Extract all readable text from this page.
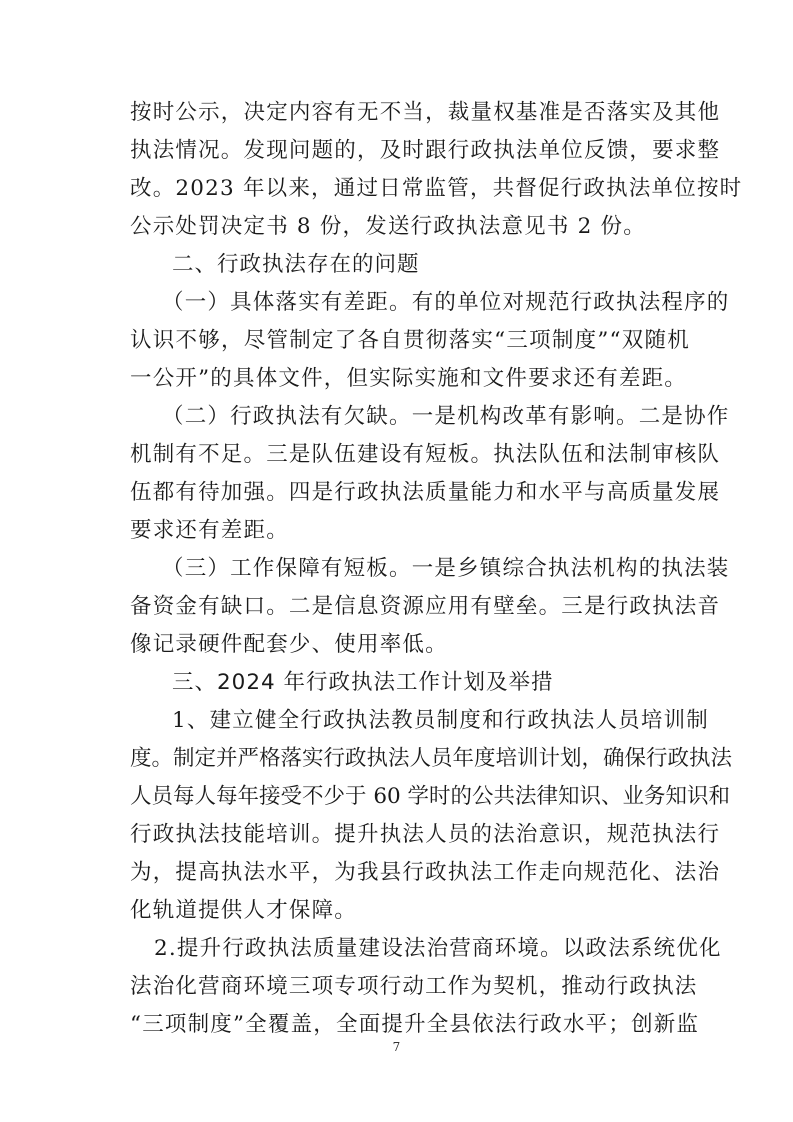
按时公示，决定内容有无不当，裁量权基准是否落实及其他
执法情况。发现问题的，及时跟行政执法单位反馈，要求整
改。2023 年以来，通过日常监管，共督促行政执法单位按时
公示处罚决定书 8 份，发送行政执法意见书 2 份。
二、行政执法存在的问题
（一）具体落实有差距。有的单位对规范行政执法程序的
认识不够，尽管制定了各自贯彻落实“三项制度”“双随机
一公开”的具体文件，但实际实施和文件要求还有差距。
（二）行政执法有欠缺。一是机构改革有影响。二是协作
机制有不足。三是队伍建设有短板。执法队伍和法制审核队
伍都有待加强。四是行政执法质量能力和水平与高质量发展
要求还有差距。
（三）工作保障有短板。一是乡镇综合执法机构的执法装
备资金有缺口。二是信息资源应用有壁垒。三是行政执法音
像记录硬件配套少、使用率低。
三、2024 年行政执法工作计划及举措
1、建立健全行政执法教员制度和行政执法人员培训制
度。制定并严格落实行政执法人员年度培训计划，确保行政执法
人员每人每年接受不少于 60 学时的公共法律知识、业务知识和
行政执法技能培训。提升执法人员的法治意识，规范执法行
为，提高执法水平，为我县行政执法工作走向规范化、法治
化轨道提供人才保障。
2.提升行政执法质量建设法治营商环境。以政法系统优化
法治化营商环境三项专项行动工作为契机，推动行政执法
“三项制度”全覆盖，全面提升全县依法行政水平；创新监
7
